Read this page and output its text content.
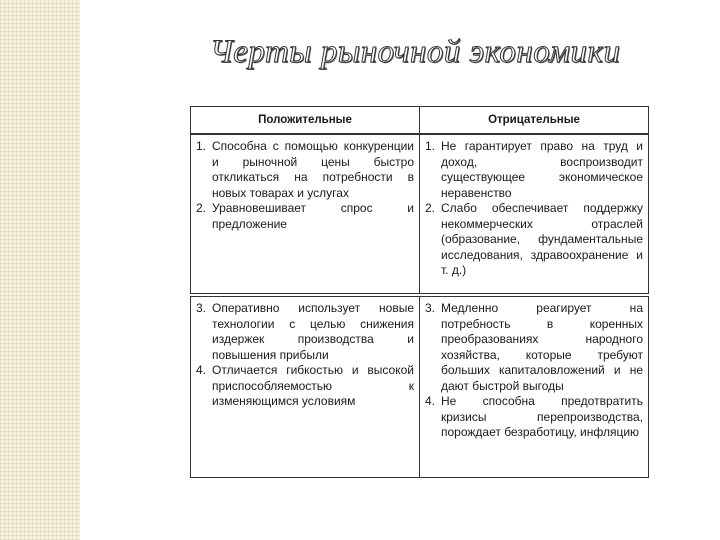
Черты рыночной экономики
Положительные	Отрицательные
1. Способна с помощью конкуренции и рыночной цены быстро откликаться на потребности в новых товарах и услугах
2. Уравновешивает спрос и предложение
1. Не гарантирует право на труд и доход, воспроизводит существующее экономическое неравенство
2. Слабо обеспечивает поддержку некоммерческих отраслей (образование, фундаментальные исследования, здравоохранение и т. д.)
3. Оперативно использует новые технологии с целью снижения издержек производства и повышения прибыли
4. Отличается гибкостью и высокой приспособляемостью к изменяющимся условиям
3. Медленно реагирует на потребность в коренных преобразованиях народного хозяйства, которые требуют больших капиталовложений и не дают быстрой выгоды
4. Не способна предотвратить кризисы перепроизводства, порождает безработицу, инфляцию
